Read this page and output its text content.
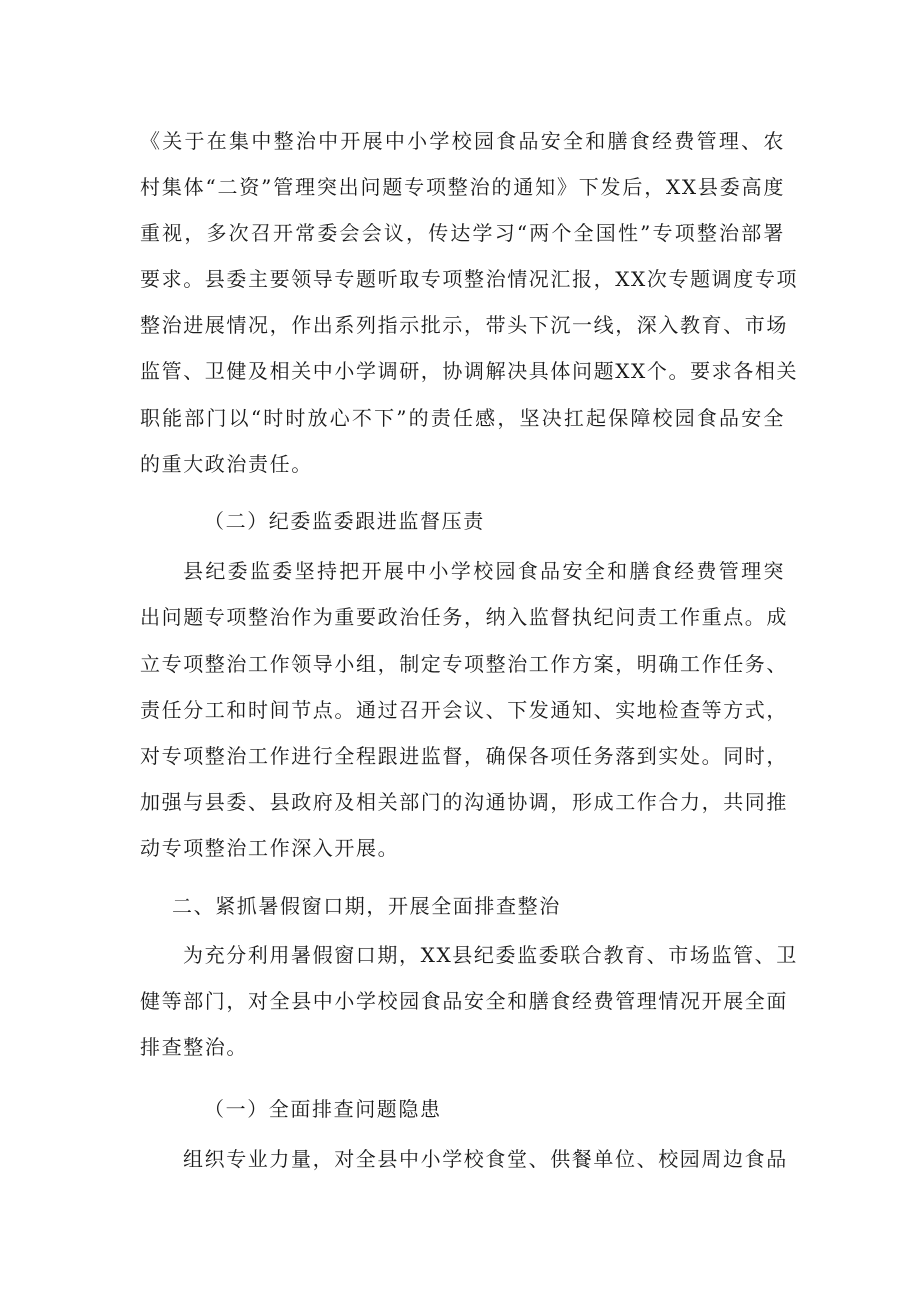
《关于在集中整治中开展中小学校园食品安全和膳食经费管理、农
村集体“二资”管理突出问题专项整治的通知》下发后，XX县委高度
重视，多次召开常委会会议，传达学习“两个全国性”专项整治部署
要求。县委主要领导专题听取专项整治情况汇报，XX次专题调度专项
整治进展情况，作出系列指示批示，带头下沉一线，深入教育、市场
监管、卫健及相关中小学调研，协调解决具体问题XX个。要求各相关
职能部门以“时时放心不下”的责任感，坚决扛起保障校园食品安全
的重大政治责任。
（二）纪委监委跟进监督压责
县纪委监委坚持把开展中小学校园食品安全和膳食经费管理突
出问题专项整治作为重要政治任务，纳入监督执纪问责工作重点。成
立专项整治工作领导小组，制定专项整治工作方案，明确工作任务、
责任分工和时间节点。通过召开会议、下发通知、实地检查等方式，
对专项整治工作进行全程跟进监督，确保各项任务落到实处。同时，
加强与县委、县政府及相关部门的沟通协调，形成工作合力，共同推
动专项整治工作深入开展。
二、紧抓暑假窗口期，开展全面排查整治
为充分利用暑假窗口期，XX县纪委监委联合教育、市场监管、卫
健等部门，对全县中小学校园食品安全和膳食经费管理情况开展全面
排查整治。
（一）全面排查问题隐患
组织专业力量，对全县中小学校食堂、供餐单位、校园周边食品
